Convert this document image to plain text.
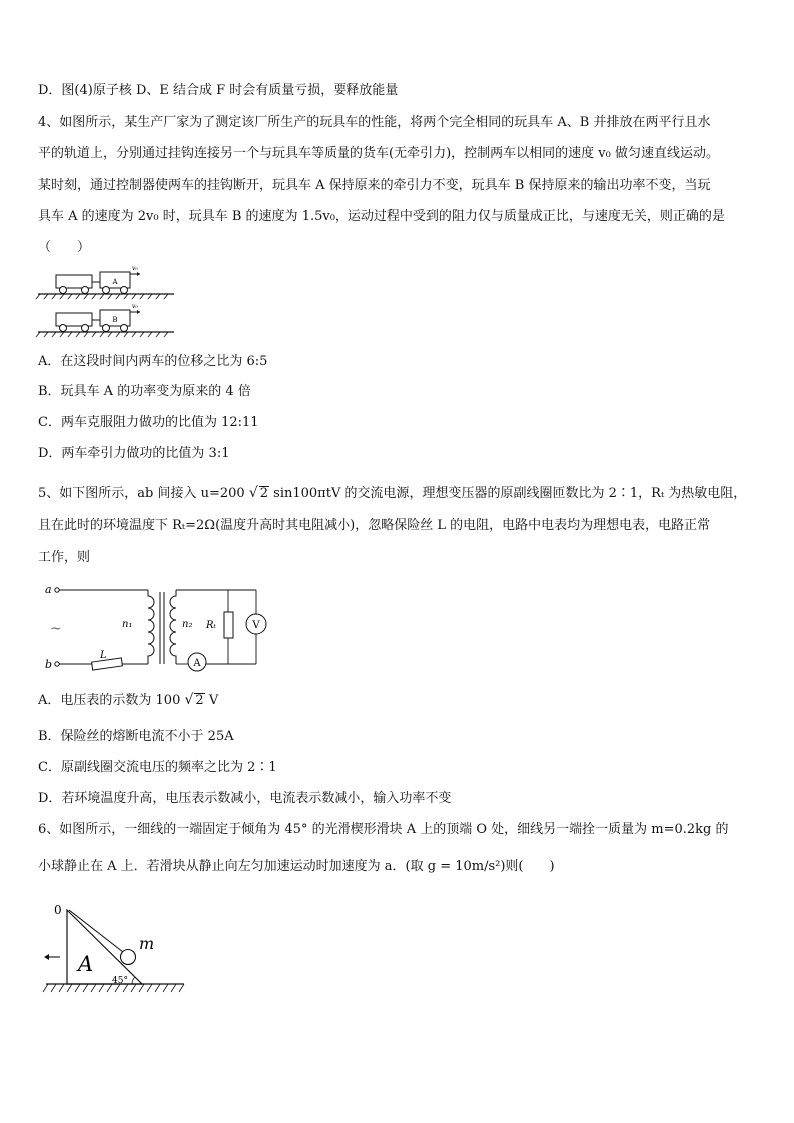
D．图(4)原子核 D、E 结合成 F 时会有质量亏损，要释放能量
4、如图所示，某生产厂家为了测定该厂所生产的玩具车的性能，将两个完全相同的玩具车 A、B 并排放在两平行且水
平的轨道上，分别通过挂钩连接另一个与玩具车等质量的货车(无牵引力)，控制两车以相同的速度 v₀ 做匀速直线运动。
某时刻，通过控制器使两车的挂钩断开，玩具车 A 保持原来的牵引力不变，玩具车 B 保持原来的输出功率不变，当玩
具车 A 的速度为 2v₀ 时，玩具车 B 的速度为 1.5v₀，运动过程中受到的阻力仅与质量成正比，与速度无关，则正确的是
（　　）
A
v₀
B
v₀
A．在这段时间内两车的位移之比为 6:5
B．玩具车 A 的功率变为原来的 4 倍
C．两车克服阻力做功的比值为 12:11
D．两车牵引力做功的比值为 3:1
5、如下图所示，ab 间接入 u=200 √ 2 sin100πtV 的交流电源，理想变压器的原副线圈匝数比为 2∶1，Rₜ 为热敏电阻，
且在此时的环境温度下 Rₜ=2Ω(温度升高时其电阻减小)，忽略保险丝 L 的电阻，电路中电表均为理想电表，电路正常
工作，则
a
b
~
L
n₁	n₂
A
Rₜ	V
A．电压表的示数为 100 √ 2 V
B．保险丝的熔断电流不小于 25A
C．原副线圈交流电压的频率之比为 2∶1
D．若环境温度升高，电压表示数减小，电流表示数减小，输入功率不变
6、如图所示，一细线的一端固定于倾角为 45° 的光滑楔形滑块 A 上的顶端 O 处，细线另一端拴一质量为 m=0.2kg 的
小球静止在 A 上．若滑块从静止向左匀加速运动时加速度为 a．(取 g = 10m/s²)则(　　)
0
m
A
45°
